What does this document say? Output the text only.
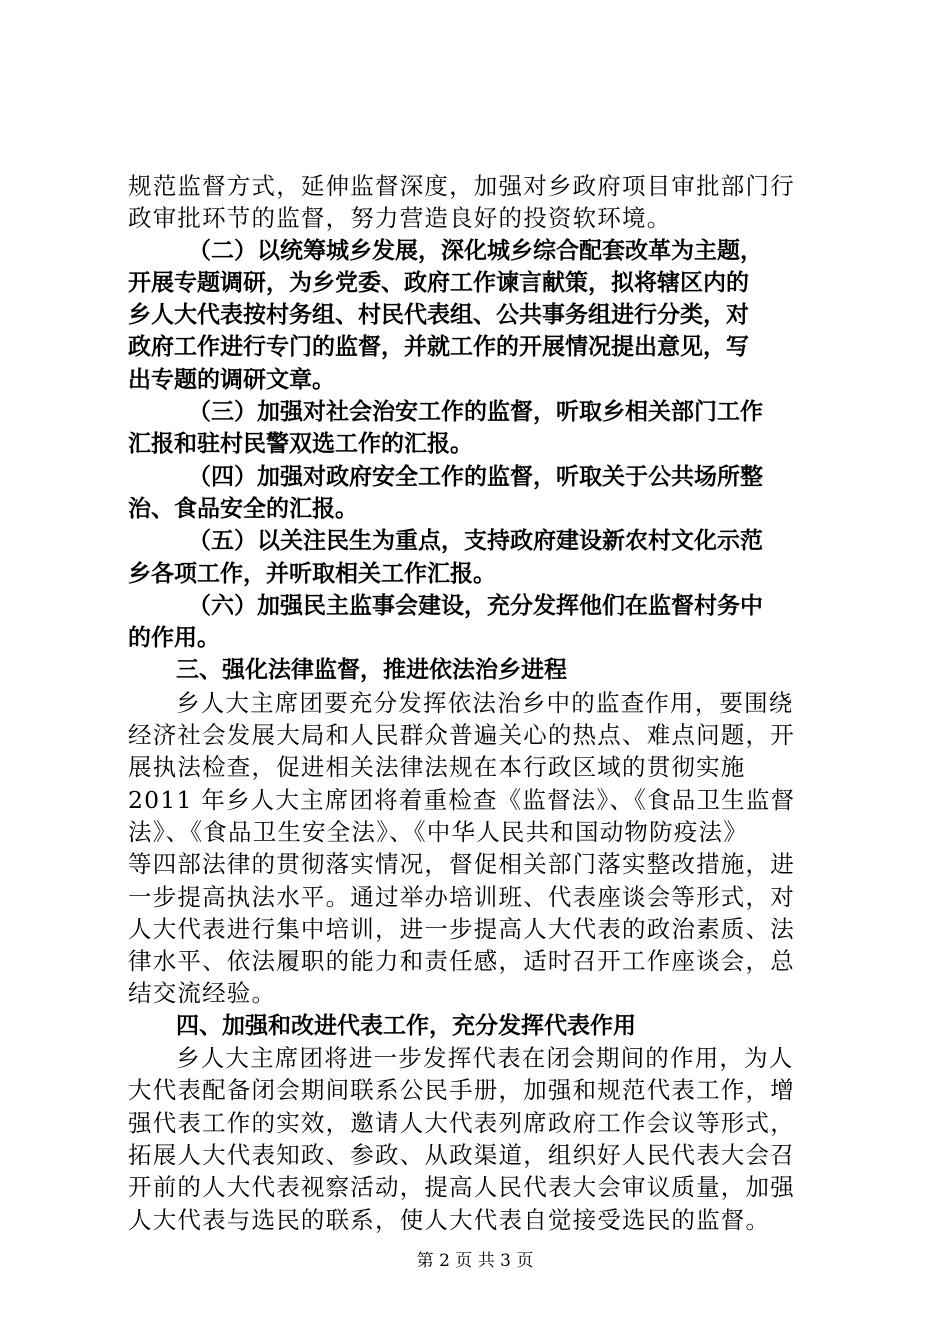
规范监督方式，延伸监督深度，加强对乡政府项目审批部门行
政审批环节的监督，努力营造良好的投资软环境。
（二）以统筹城乡发展，深化城乡综合配套改革为主题，
开展专题调研，为乡党委、政府工作谏言献策，拟将辖区内的
乡人大代表按村务组、村民代表组、公共事务组进行分类，对
政府工作进行专门的监督，并就工作的开展情况提出意见，写
出专题的调研文章。
（三）加强对社会治安工作的监督，听取乡相关部门工作
汇报和驻村民警双选工作的汇报。
（四）加强对政府安全工作的监督，听取关于公共场所整
治、食品安全的汇报。
（五）以关注民生为重点，支持政府建设新农村文化示范
乡各项工作，并听取相关工作汇报。
（六）加强民主监事会建设，充分发挥他们在监督村务中
的作用。
三、强化法律监督，推进依法治乡进程
乡人大主席团要充分发挥依法治乡中的监查作用，要围绕
经济社会发展大局和人民群众普遍关心的热点、难点问题，开
展执法检查，促进相关法律法规在本行政区域的贯彻实施
2011 年乡人大主席团将着重检查《监督法》、《食品卫生监督
法》、《食品卫生安全法》、《中华人民共和国动物防疫法》
等四部法律的贯彻落实情况，督促相关部门落实整改措施，进
一步提高执法水平。通过举办培训班、代表座谈会等形式，对
人大代表进行集中培训，进一步提高人大代表的政治素质、法
律水平、依法履职的能力和责任感，适时召开工作座谈会，总
结交流经验。
四、加强和改进代表工作，充分发挥代表作用
乡人大主席团将进一步发挥代表在闭会期间的作用，为人
大代表配备闭会期间联系公民手册，加强和规范代表工作，增
强代表工作的实效，邀请人大代表列席政府工作会议等形式，
拓展人大代表知政、参政、从政渠道，组织好人民代表大会召
开前的人大代表视察活动，提高人民代表大会审议质量，加强
人大代表与选民的联系，使人大代表自觉接受选民的监督。
第 2 页 共 3 页
